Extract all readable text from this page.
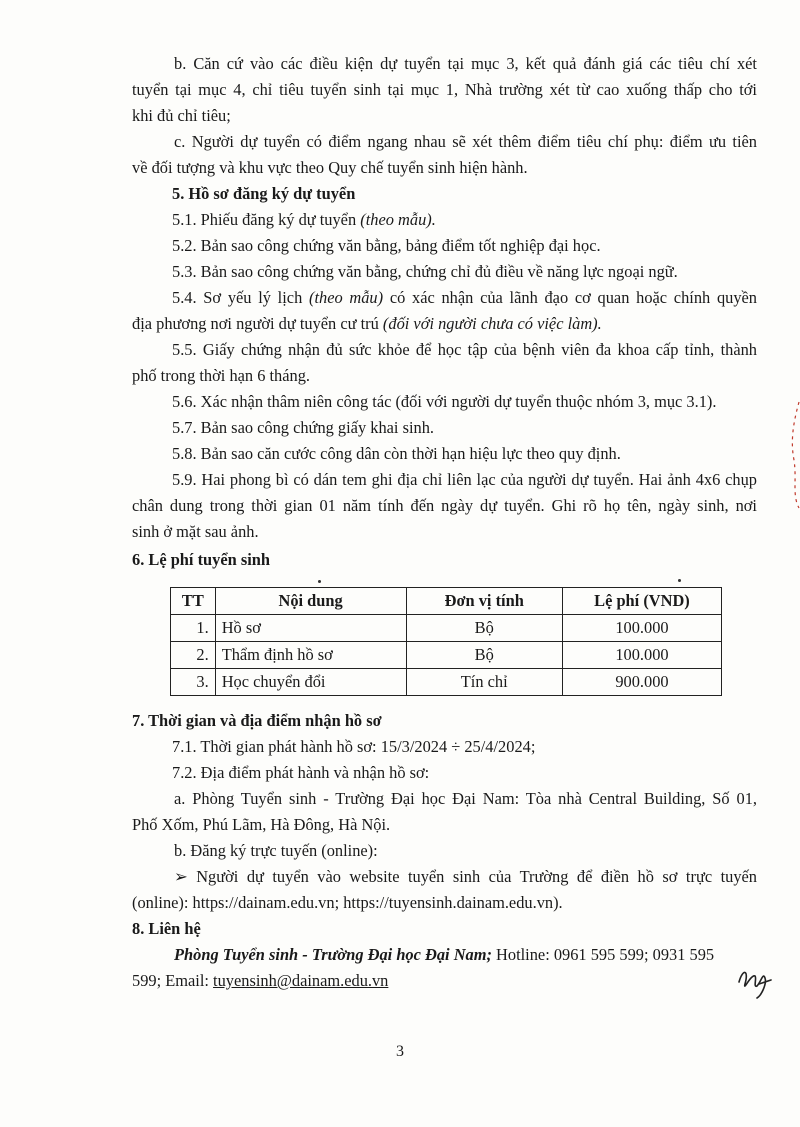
b. Căn cứ vào các điều kiện dự tuyển tại mục 3, kết quả đánh giá các tiêu chí xét
tuyển tại mục 4, chỉ tiêu tuyển sinh tại mục 1, Nhà trường xét từ cao xuống thấp cho tới
khi đủ chỉ tiêu;
c. Người dự tuyển có điểm ngang nhau sẽ xét thêm điểm tiêu chí phụ: điểm ưu tiên
về đối tượng và khu vực theo Quy chế tuyển sinh hiện hành.
5. Hồ sơ đăng ký dự tuyển
5.1. Phiếu đăng ký dự tuyển (theo mẫu).
5.2. Bản sao công chứng văn bằng, bảng điểm tốt nghiệp đại học.
5.3. Bản sao công chứng văn bằng, chứng chỉ đủ điều về năng lực ngoại ngữ.
5.4. Sơ yếu lý lịch (theo mẫu) có xác nhận của lãnh đạo cơ quan hoặc chính quyền
địa phương nơi người dự tuyển cư trú (đối với người chưa có việc làm).
5.5. Giấy chứng nhận đủ sức khỏe để học tập của bệnh viên đa khoa cấp tỉnh, thành
phố trong thời hạn 6 tháng.
5.6. Xác nhận thâm niên công tác (đối với người dự tuyển thuộc nhóm 3, mục 3.1).
5.7. Bản sao công chứng giấy khai sinh.
5.8. Bản sao căn cước công dân còn thời hạn hiệu lực theo quy định.
5.9. Hai phong bì có dán tem ghi địa chỉ liên lạc của người dự tuyển. Hai ảnh 4x6 chụp
chân dung trong thời gian 01 năm tính đến ngày dự tuyển. Ghi rõ họ tên, ngày sinh, nơi
sinh ở mặt sau ảnh.
6. Lệ phí tuyển sinh
TT	Nội dung	Đơn vị tính	Lệ phí (VND)
1.	Hồ sơ	Bộ	100.000
2.	Thẩm định hồ sơ	Bộ	100.000
3.	Học chuyển đổi	Tín chỉ	900.000
7. Thời gian và địa điểm nhận hồ sơ
7.1. Thời gian phát hành hồ sơ: 15/3/2024 ÷ 25/4/2024;
7.2. Địa điểm phát hành và nhận hồ sơ:
a. Phòng Tuyển sinh - Trường Đại học Đại Nam: Tòa nhà Central Building, Số 01,
Phố Xốm, Phú Lãm, Hà Đông, Hà Nội.
b. Đăng ký trực tuyến (online):
➢ Người dự tuyển vào website tuyển sinh của Trường để điền hồ sơ trực tuyến
(online): https://dainam.edu.vn; https://tuyensinh.dainam.edu.vn).
8. Liên hệ
Phòng Tuyển sinh - Trường Đại học Đại Nam; Hotline: 0961 595 599; 0931 595
599; Email: tuyensinh@dainam.edu.vn
3
